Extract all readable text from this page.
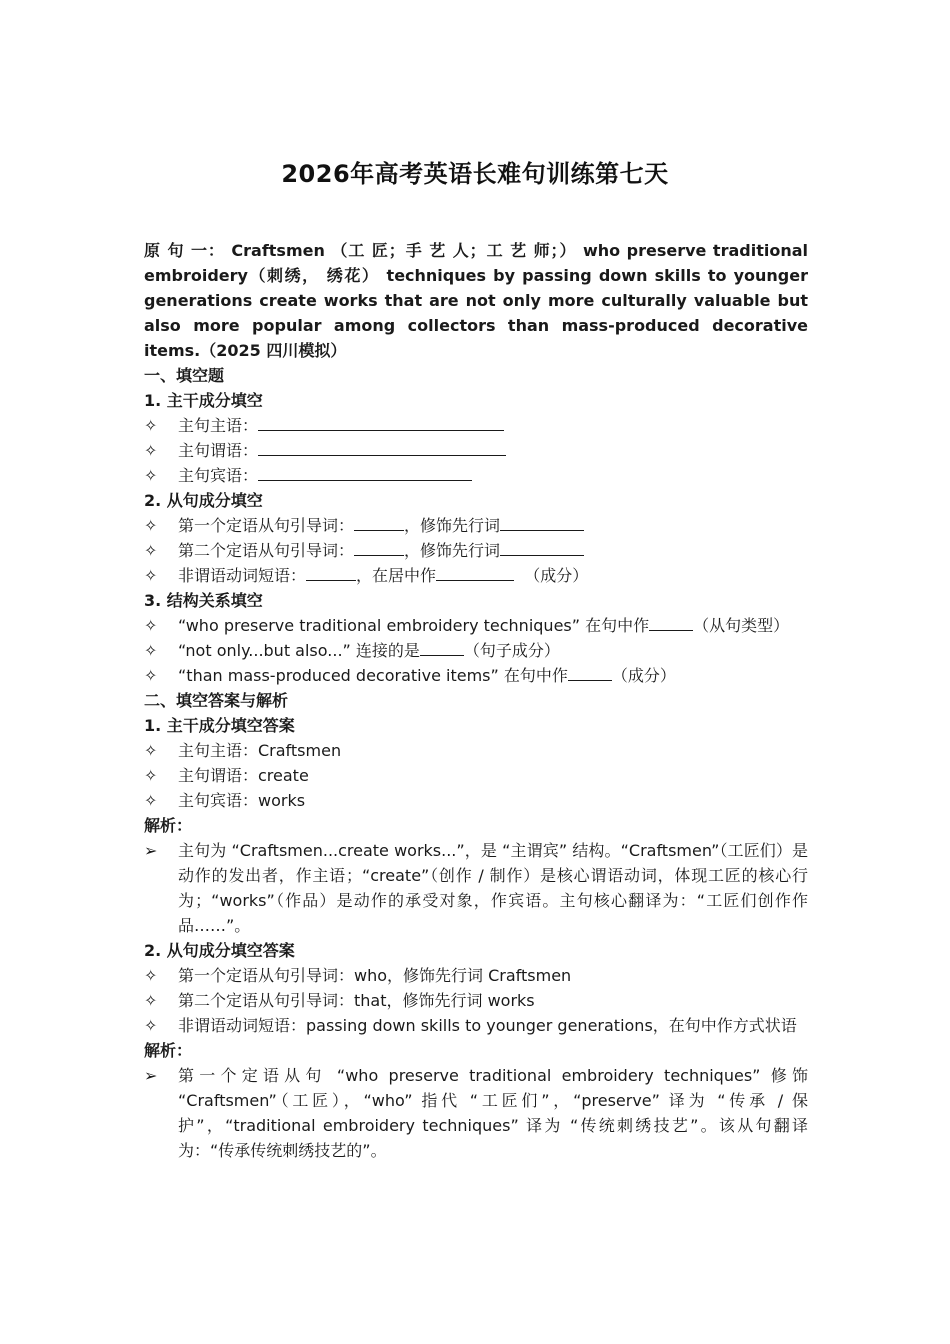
2026年高考英语长难句训练第七天
原 句 一： Craftsmen （工 匠；手 艺 人；工 艺 师；） who preserve traditional embroidery（刺绣， 绣花） techniques by passing down skills to younger generations create works that are not only more culturally valuable but also more popular among collectors than mass-produced decorative items.（2025 四川模拟）
一、填空题
1. 主干成分填空
✧	主句主语：
✧	主句谓语：
✧	主句宾语：
2. 从句成分填空
✧	第一个定语从句引导词：	，修饰先行词
✧	第二个定语从句引导词：	，修饰先行词
✧	非谓语动词短语：	，在居中作	（成分）
3. 结构关系填空
✧	“who preserve traditional embroidery techniques” 在句中作	（从句类型）
✧	“not only...but also...” 连接的是	（句子成分）
✧	“than mass-produced decorative items” 在句中作	（成分）
二、填空答案与解析
1. 主干成分填空答案
✧	主句主语：Craftsmen
✧	主句谓语：create
✧	主句宾语：works
解析：
➢	主句为 “Craftsmen...create works...”，是 “主谓宾” 结构。“Craftsmen”（工匠们）是动作的发出者，作主语；“create”（创作 / 制作）是核心谓语动词，体现工匠的核心行为；“works”（作品）是动作的承受对象，作宾语。主句核心翻译为：“工匠们创作作品……”。
2. 从句成分填空答案
✧	第一个定语从句引导词：who，修饰先行词 Craftsmen
✧	第二个定语从句引导词：that，修饰先行词 works
✧	非谓语动词短语：passing down skills to younger generations，在句中作方式状语
解析：
➢	第一个定语从句 “who preserve traditional embroidery techniques” 修饰 “Craftsmen”（工匠），“who” 指代 “工匠们”，“preserve” 译为 “传承 / 保护”，“traditional embroidery techniques” 译为 “传统刺绣技艺”。该从句翻译为：“传承传统刺绣技艺的”。
